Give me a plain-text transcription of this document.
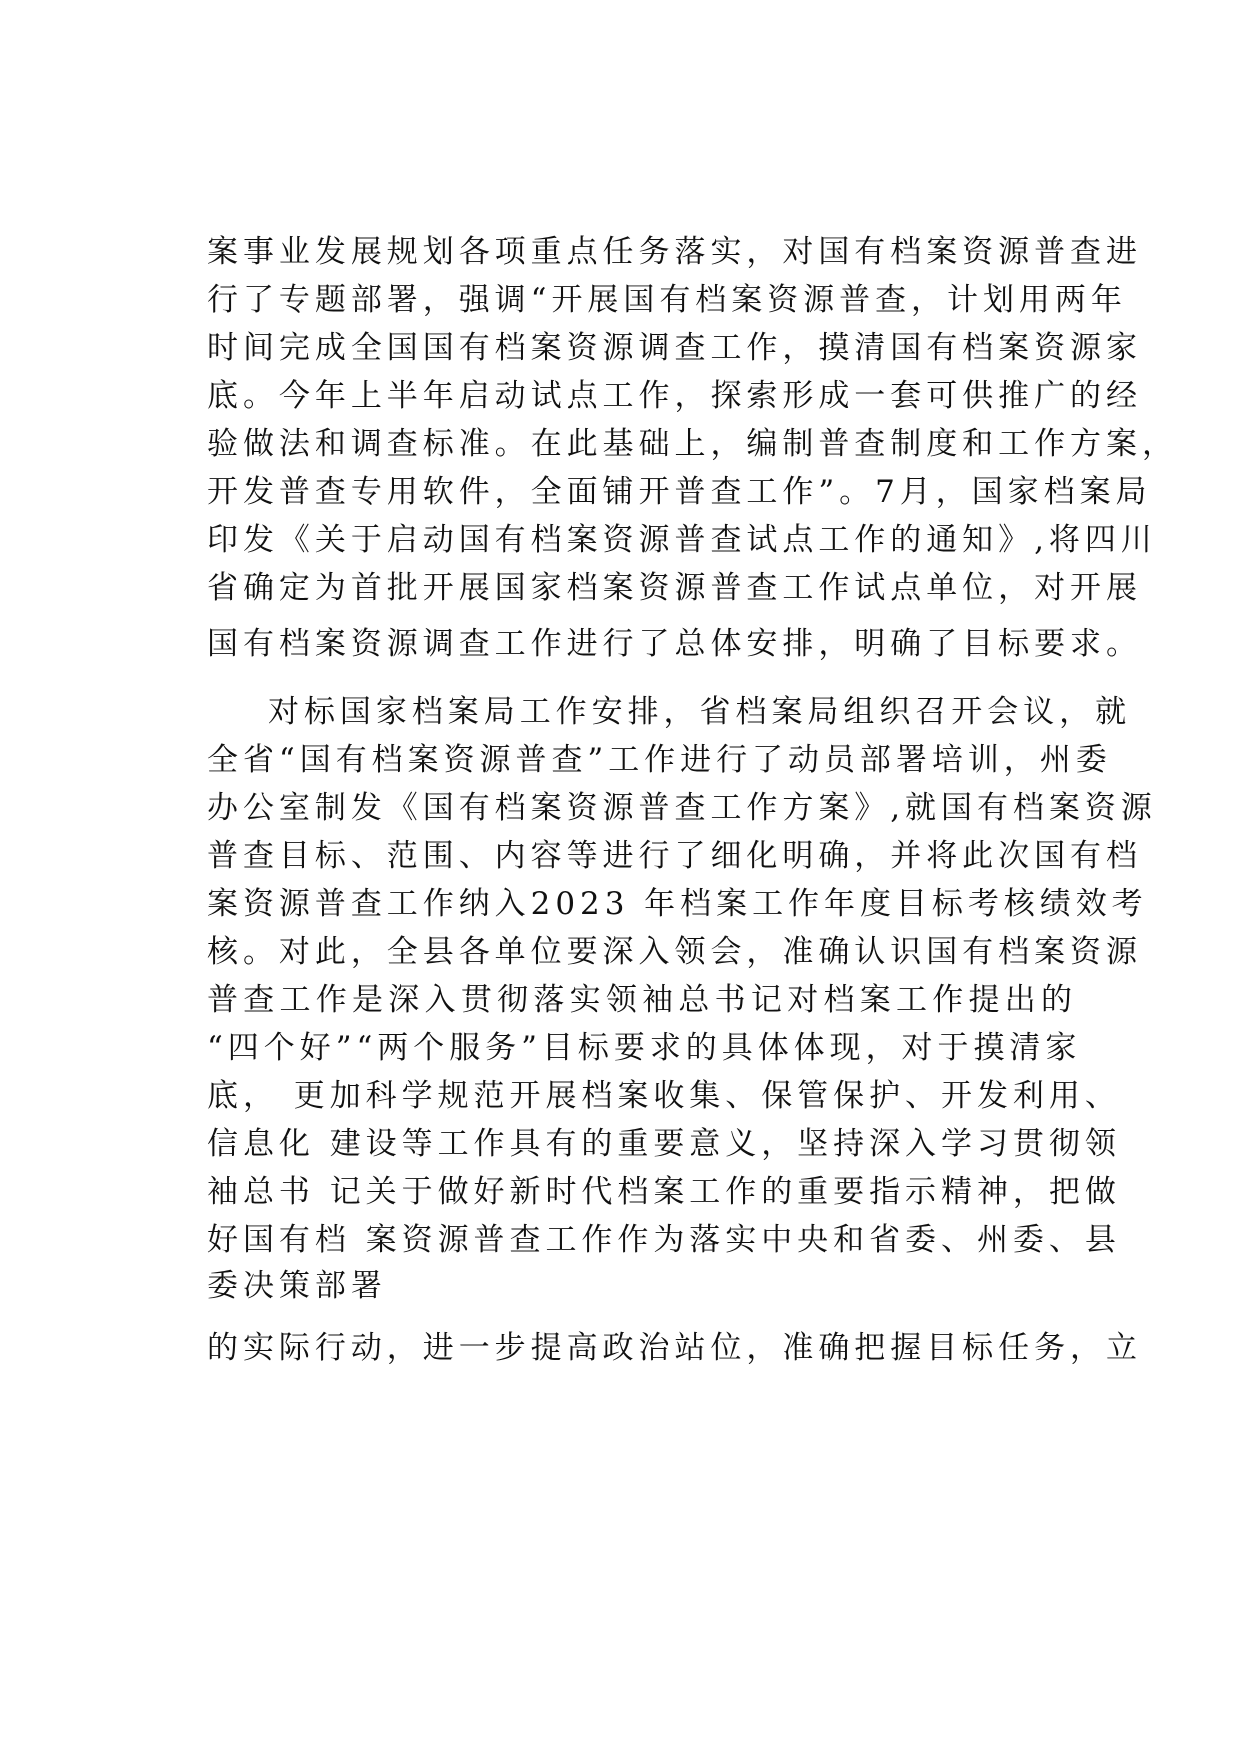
案事业发展规划各项重点任务落实，对国有档案资源普查进
行了专题部署，强调“开展国有档案资源普查，计划用两年
时间完成全国国有档案资源调查工作，摸清国有档案资源家
底。今年上半年启动试点工作，探索形成一套可供推广的经
验做法和调查标准。在此基础上，编制普查制度和工作方案，
开发普查专用软件，全面铺开普查工作”。7月，国家档案局
印发《关于启动国有档案资源普查试点工作的通知》,将四川
省确定为首批开展国家档案资源普查工作试点单位，对开展
国有档案资源调查工作进行了总体安排，明确了目标要求。
对标国家档案局工作安排，省档案局组织召开会议，就
全省“国有档案资源普查”工作进行了动员部署培训，州委
办公室制发《国有档案资源普查工作方案》,就国有档案资源
普查目标、范围、内容等进行了细化明确，并将此次国有档
案资源普查工作纳入2023 年档案工作年度目标考核绩效考
核。对此，全县各单位要深入领会，准确认识国有档案资源
普查工作是深入贯彻落实领袖总书记对档案工作提出的
“四个好”“两个服务”目标要求的具体体现，对于摸清家
底， 更加科学规范开展档案收集、保管保护、开发利用、
信息化 建设等工作具有的重要意义，坚持深入学习贯彻领
袖总书 记关于做好新时代档案工作的重要指示精神，把做
好国有档 案资源普查工作作为落实中央和省委、州委、县
委决策部署
的实际行动，进一步提高政治站位，准确把握目标任务，立
